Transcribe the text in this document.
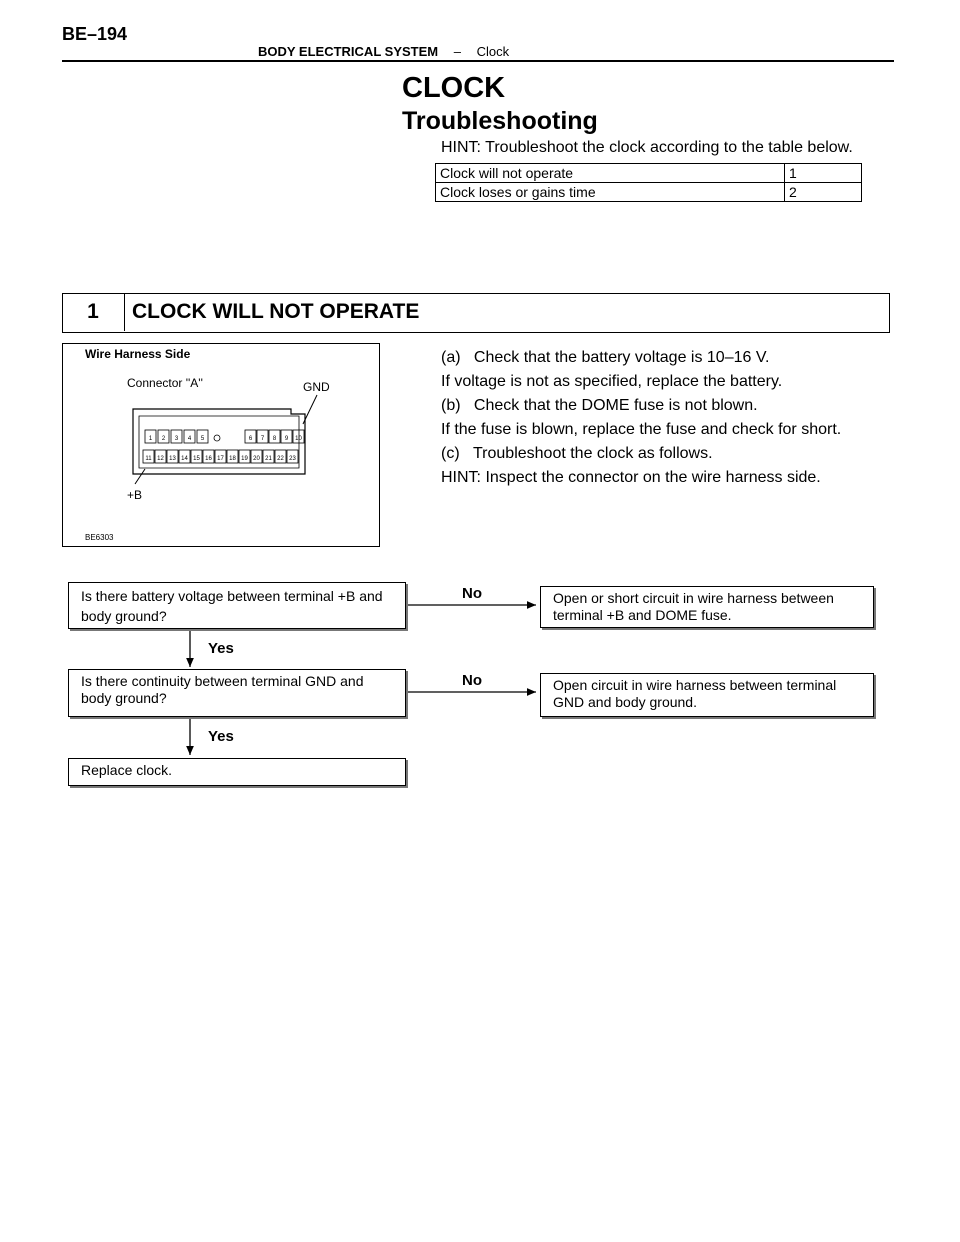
BE–194
BODY ELECTRICAL SYSTEM – Clock
CLOCK
Troubleshooting
HINT: Troubleshoot the clock according to the table below.
Clock will not operate	1
Clock loses or gains time	2
1	CLOCK WILL NOT OPERATE
Wire Harness Side
Connector ''A''	GND
1 2 3 4 5	6 7 8 9 10
11 12 13 14 15 16 17 18 19 20 21 22 23
+B
BE6303

(a)   Check that the battery voltage is 10–16 V.

If voltage is not as specified, replace the battery.

(b)   Check that the DOME fuse is not blown.

If the fuse is blown, replace the fuse and check for short.

(c)   Troubleshoot the clock as follows.

HINT: Inspect the connector on the wire harness side.

Is there battery voltage between terminal +B and body ground?
Open or short circuit in wire harness between terminal +B and DOME fuse.
Is there continuity between terminal GND and body ground?
Open circuit in wire harness between terminal GND and body ground.
Replace clock.
No
Yes
No
Yes
